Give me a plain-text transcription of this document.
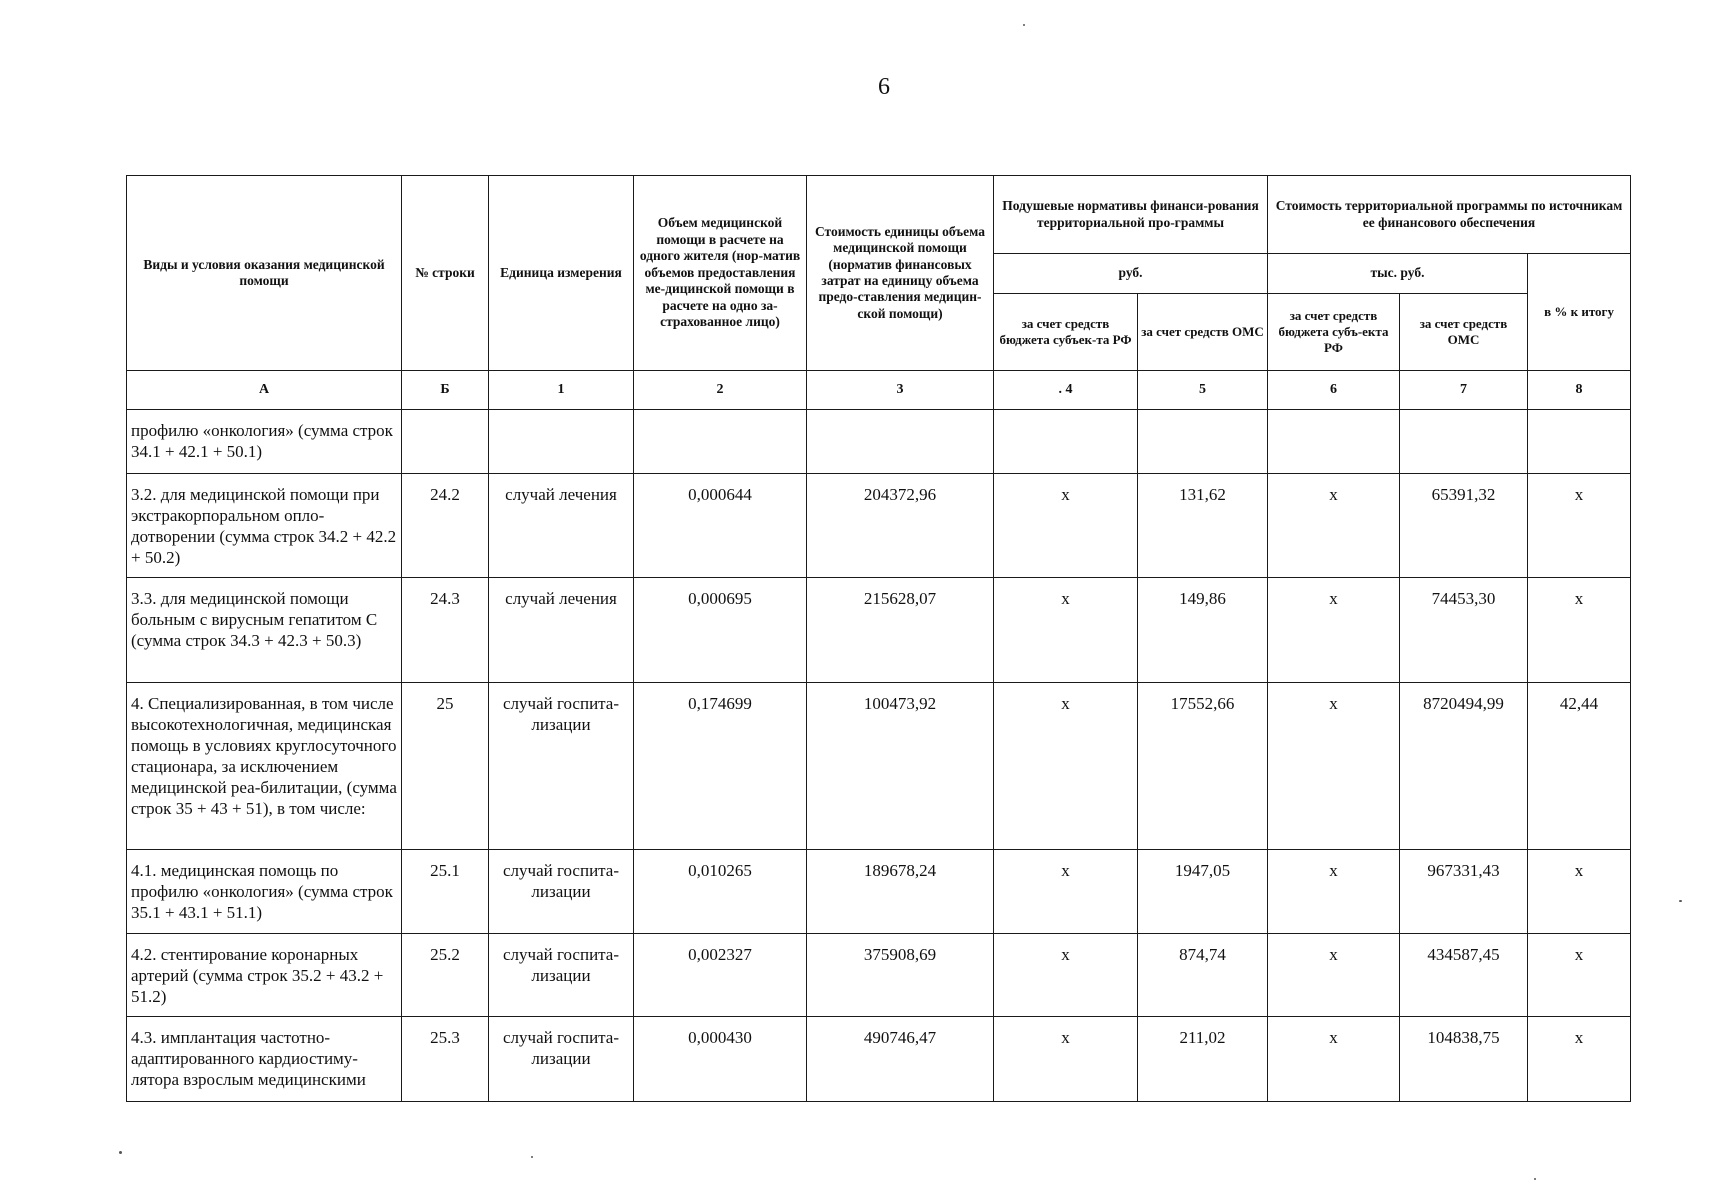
6
Виды и условия оказания медицинской помощи	№ строки	Единица измерения	Объем медицинской помощи в расчете на одного жителя (нор-матив объемов предоставления ме-дицинской помощи в расчете на одно за-страхованное лицо)	Стоимость единицы объема медицинской помощи (норматив финансовых затрат на единицу объема предо-ставления медицин-ской помощи)	Подушевые нормативы финанси-рования территориальной про-граммы		Стоимость территориальной программы по источникам ее финансового обеспечения		
					руб.		тыс. руб.		в % к итогу
					за счет средств бюджета субъек-та РФ	за счет средств ОМС	за счет средств бюджета субъ-екта РФ	за счет средств ОМС	
А	Б	1	2	3	. 4	5	6	7	8
профилю «онкология» (сумма строк 34.1 + 42.1 + 50.1)									
3.2. для медицинской помощи при экстракорпоральном опло-дотворении (сумма строк 34.2 + 42.2 + 50.2)	24.2	случай лечения	0,000644	204372,96	х	131,62	х	65391,32	х
3.3. для медицинской помощи больным с вирусным гепатитом С (сумма строк 34.3 + 42.3 + 50.3)	24.3	случай лечения	0,000695	215628,07	х	149,86	х	74453,30	х
4. Специализированная, в том числе высокотехнологичная, медицинская помощь в условиях круглосуточного стационара, за исключением медицинской реа-билитации, (сумма строк 35 + 43 + 51), в том числе:	25	случай госпита-лизации	0,174699	100473,92	х	17552,66	х	8720494,99	42,44
4.1. медицинская помощь по профилю «онкология» (сумма строк 35.1 + 43.1 + 51.1)	25.1	случай госпита-лизации	0,010265	189678,24	х	1947,05	х	967331,43	х
4.2. стентирование коронарных артерий (сумма строк 35.2 + 43.2 + 51.2)	25.2	случай госпита-лизации	0,002327	375908,69	х	874,74	х	434587,45	х
4.3. имплантация частотно-адаптированного кардиостиму-лятора взрослым медицинскими	25.3	случай госпита-лизации	0,000430	490746,47	х	211,02	х	104838,75	х
